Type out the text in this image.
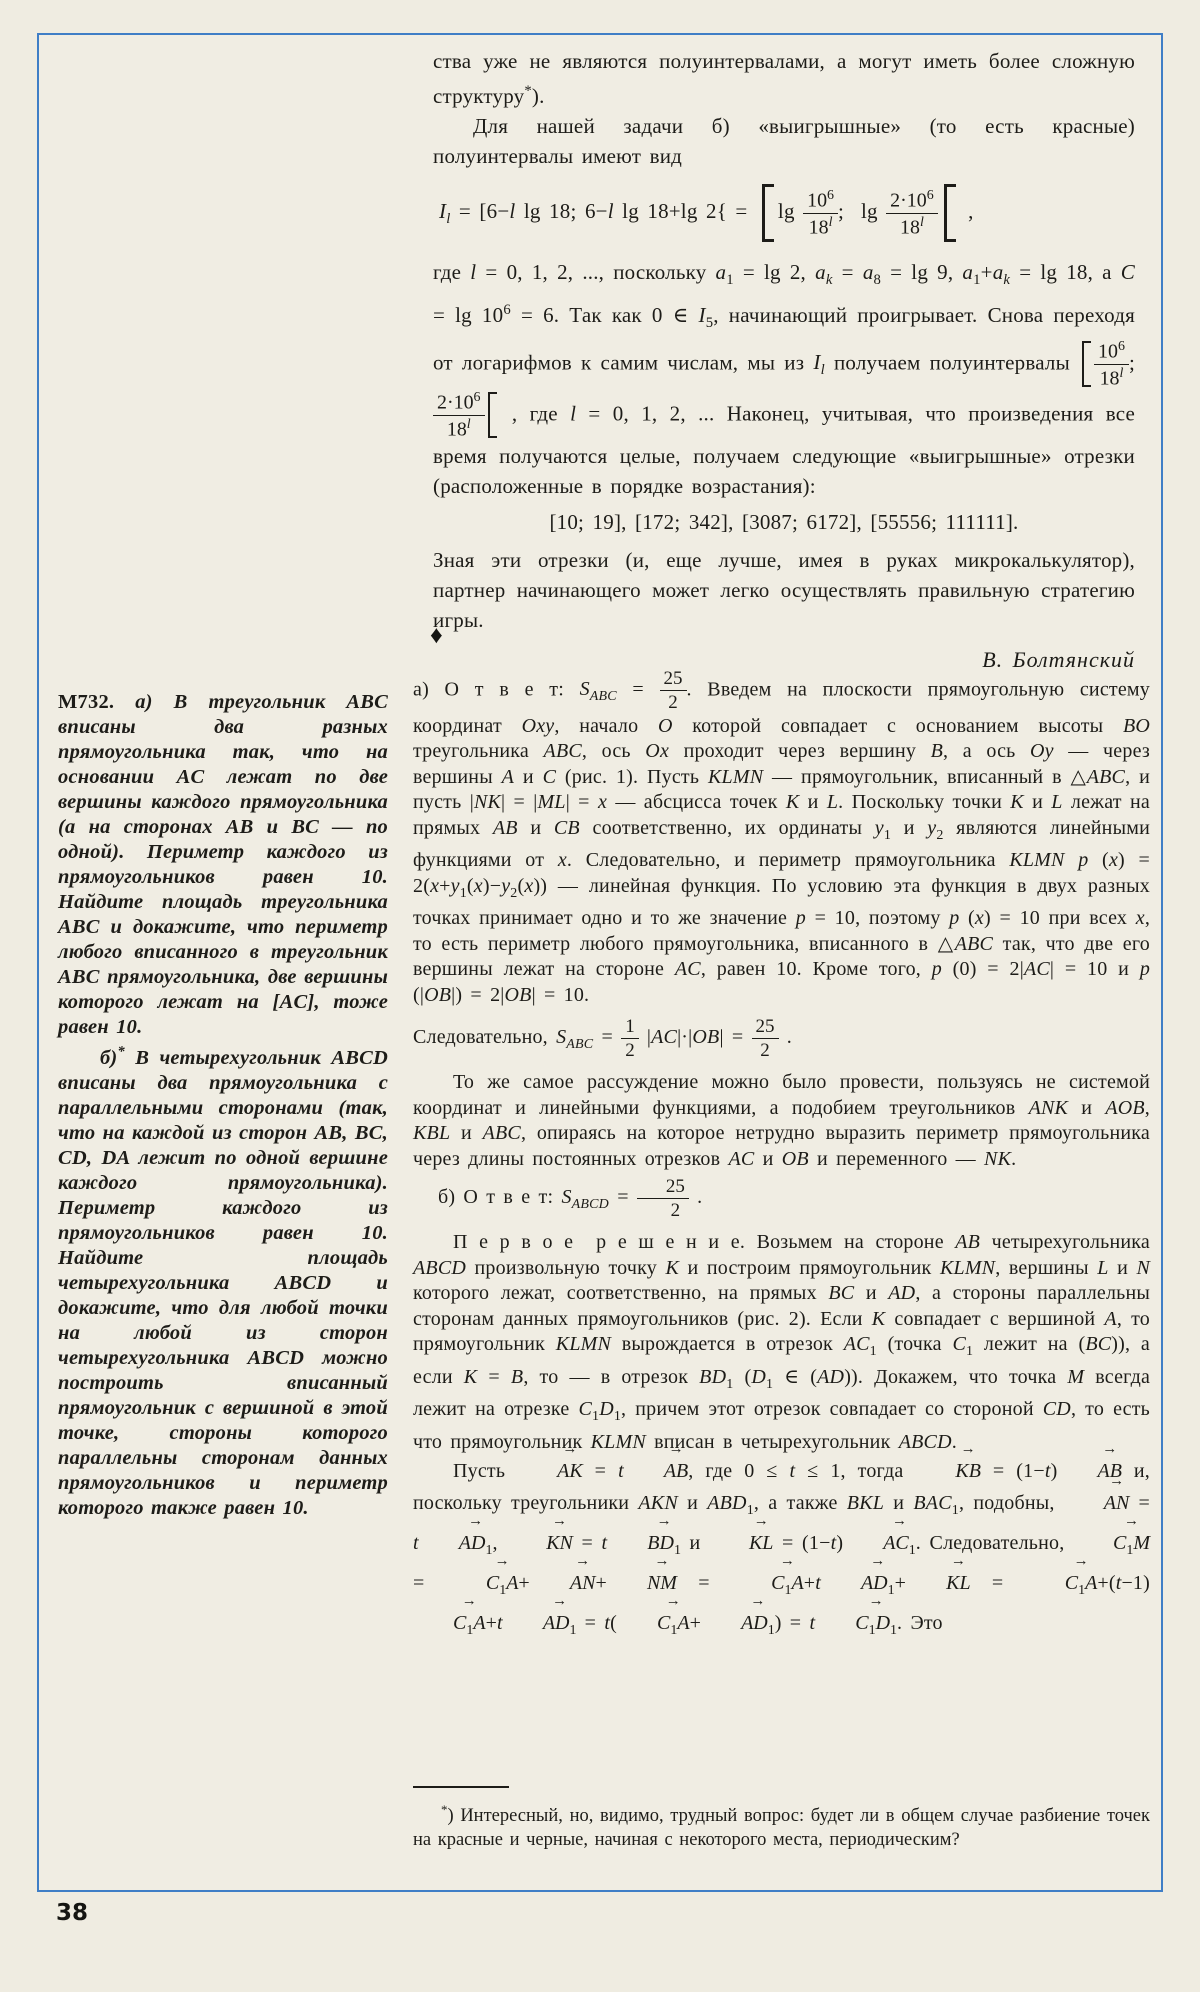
ства уже не являются полуинтервалами, а могут иметь более сложную структуру*).

Для нашей задачи б) «выигрышные» (то есть красные) полуинтервалы имеют вид

$I_l = [6-l$ lg 18; 6−l lg 18+lg $2\{ = \lg \frac{10^6}{18^l}$ ;  $\lg \frac{2\cdot 10^6}{18^l}$ ,

где l = 0, 1, 2, ..., поскольку $a_1 = \lg 2$, $a_k = a_8 = \lg 9$, $a_1+a_k = \lg 18$, а $C = \lg 10^6 = 6$. Так как 0 ∈ $I_5$, начинающий проигрывает. Снова переходя от логарифмов к самим числам, мы из $I_l$ получаем полуинтервалы $\frac{10^6}{18^l}$ ;
$\frac{2\cdot 10^6}{18^l}$ , где l = 0, 1, 2, ... Наконец, учитывая, что произведения все время получаются целые, получаем следующие «выигрышные» отрезки (расположенные в порядке возрастания):

[10; 19], [172; 342], [3087; 6172], [55556; 111111].

Зная эти отрезки (и, еще лучше, имея в руках микрокалькулятор), партнер начинающего может легко осуществлять правильную стратегию игры.

В. Болтянский
♦

М732. а) В треугольник ABC вписаны два разных прямоугольника так, что на основании AC лежат по две вершины каждого прямоугольника (а на сторонах AB и BC — по одной). Периметр каждого из прямоугольников равен 10. Найдите площадь треугольника ABC и докажите, что периметр любого вписанного в треугольник ABC прямоугольника, две вершины которого лежат на [AC], тоже равен 10.

б)* В четырехугольник ABCD вписаны два прямоугольника с параллельными сторонами (так, что на каждой из сторон AB, BC, CD, DA лежит по одной вершине каждого прямоугольника). Периметр каждого из прямоугольников равен 10. Найдите площадь четырехугольника ABCD и докажите, что для любой точки на любой из сторон четырехугольника ABCD можно построить вписанный прямоугольник с вершиной в этой точке, стороны которого параллельны сторонам данных прямоугольников и периметр которого также равен 10.

а) О т в е т: $S_{ABC} = \frac{25}{2}$ . Введем на плоскости прямоугольную систему координат Oxy, начало O которой совпадает с основанием высоты BO треугольника ABC, ось Ox проходит через вершину B, а ось Oy — через вершины A и C (рис. 1). Пусть KLMN — прямоугольник, вписанный в △ABC, и пусть |NK| = |ML| = x — абсцисса точек K и L. Поскольку точки K и L лежат на прямых AB и CB соответственно, их ординаты $y_1$ и $y_2$ являются линейными функциями от x. Следовательно, и периметр прямоугольника KLMN p $(x) = 2(x+y_1(x)-y_2(x))$ — линейная функция. По условию эта функция в двух разных точках принимает одно и то же значение p = 10, поэтому p (x) = 10 при всех x, то есть периметр любого прямоугольника, вписанного в △ABC так, что две его вершины лежат на стороне AC, равен 10. Кроме того, p (0) = 2|AC| = 10 и p (|OB|) = 2|OB| = 10.

Следовательно, $S_{ABC} = \frac{1}{2} |AC|\cdot|OB| = \frac{25}{2}$ .

То же самое рассуждение можно было провести, пользуясь не системой координат и линейными функциями, а подобием треугольников ANK и AOB, KBL и ABC, опираясь на которое нетрудно выразить периметр прямоугольника через длины постоянных отрезков AC и OB и переменного — NK.

б) О т в е т: $S_{ABCD} = \frac{25}{2}$ .

П е р в о е  р е ш е н и е. Возьмем на стороне AB четырехугольника ABCD произвольную точку K и построим прямоугольник KLMN, вершины L и N которого лежат, соответственно, на прямых BC и AD, а стороны параллельны сторонам данных прямоугольников (рис. 2). Если K совпадает с вершиной A, то прямоугольник KLMN вырождается в отрезок $AC_1$ (точка $C_1$ лежит на (BC)), а если K = B, то — в отрезок $BD_1$ ($D_1$ ∈ (AD)). Докажем, что точка M всегда лежит на отрезке $C_1D_1$, причем этот отрезок совпадает со стороной CD, то есть что прямоугольник KLMN вписан в четырехугольник ABCD.

Пусть → AK = t → AB, где 0 ≤ t ≤ 1, тогда → KB = (1−t) → AB и, поскольку треугольники AKN и $ABD_1$, а также BKL и $BAC_1$, подобны, → AN = $t \to AD_1$, → KN = $t \to BD_1$ и → KL = $(1-t) \to AC_1$. Следовательно, → $C_1M$ = → $C_1A+ \to AN+$ → NM = → $C_1A+t \to AD_1+$ → KL = → $C_1A+(t-1)\to C_1A+t \to AD_1 = t( \to C_1A+ \to AD_1) = t \to C_1D_1$. Это

*) Интересный, но, видимо, трудный вопрос: будет ли в общем случае разбиение точек на красные и черные, начиная с некоторого места, периодическим?

38
